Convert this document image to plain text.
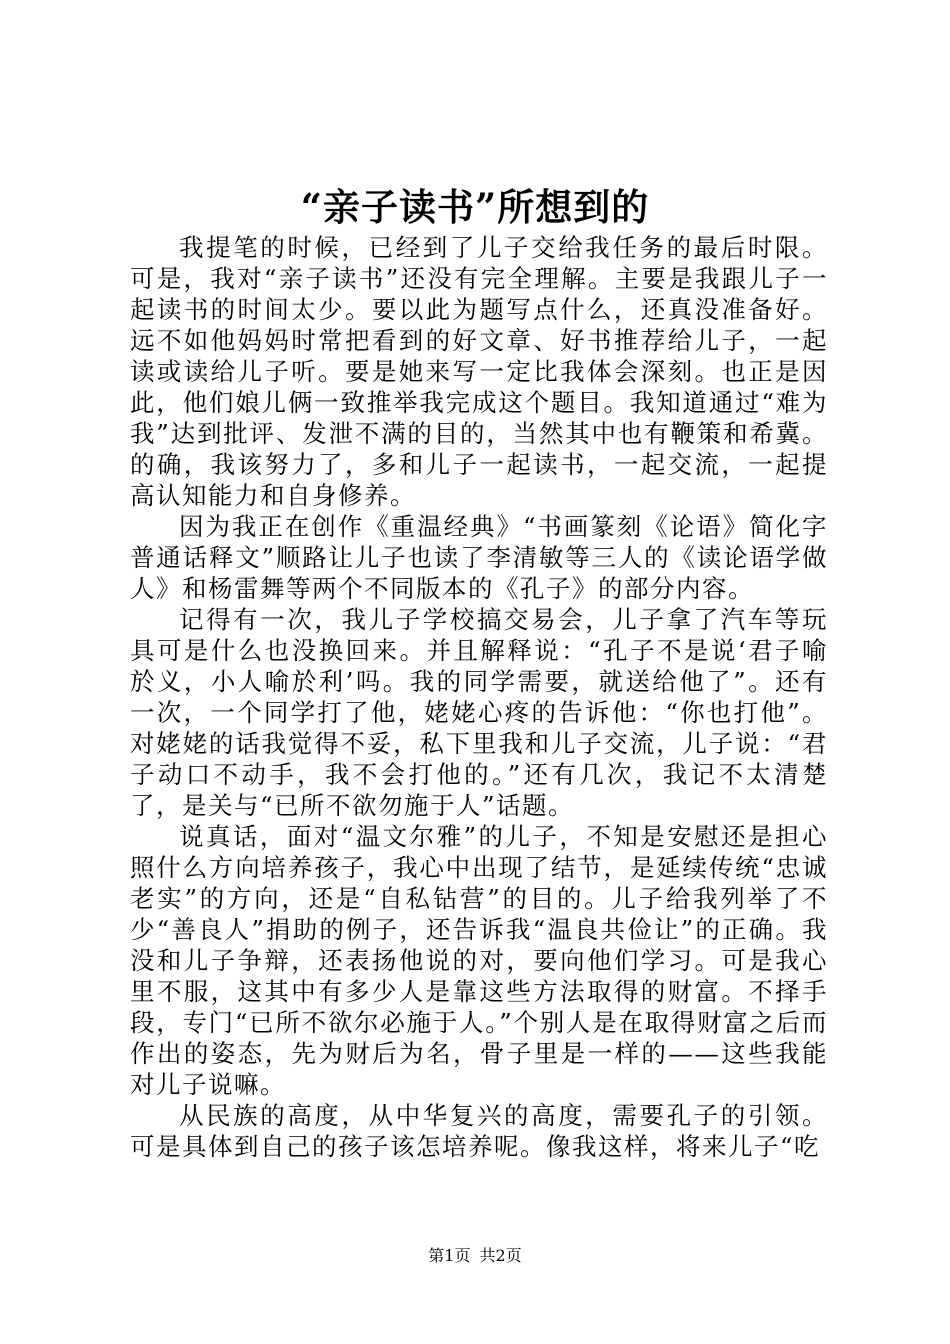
“亲子读书”所想到的

我提笔的时候，已经到了儿子交给我任务的最后时限。可是，我对“亲子读书”还没有完全理解。主要是我跟儿子一起读书的时间太少。要以此为题写点什么，还真没准备好。远不如他妈妈时常把看到的好文章、好书推荐给儿子，一起读或读给儿子听。要是她来写一定比我体会深刻。也正是因此，他们娘儿俩一致推举我完成这个题目。我知道通过“难为我”达到批评、发泄不满的目的，当然其中也有鞭策和希冀。的确，我该努力了，多和儿子一起读书，一起交流，一起提高认知能力和自身修养。

因为我正在创作《重温经典》“书画篆刻《论语》简化字普通话释文”顺路让儿子也读了李清敏等三人的《读论语学做人》和杨雷舞等两个不同版本的《孔子》的部分内容。

记得有一次，我儿子学校搞交易会，儿子拿了汽车等玩具可是什么也没换回来。并且解释说：“孔子不是说‘君子喻於义，小人喻於利’吗。我的同学需要，就送给他了”。还有一次，一个同学打了他，姥姥心疼的告诉他：“你也打他”。对姥姥的话我觉得不妥，私下里我和儿子交流，儿子说：“君子动口不动手，我不会打他的。”还有几次，我记不太清楚了，是关与“已所不欲勿施于人”话题。

说真话，面对“温文尔雅”的儿子，不知是安慰还是担心照什么方向培养孩子，我心中出现了结节，是延续传统“忠诚老实”的方向，还是“自私钻营”的目的。儿子给我列举了不少“善良人”捐助的例子，还告诉我“温良共俭让”的正确。我没和儿子争辩，还表扬他说的对，要向他们学习。可是我心里不服，这其中有多少人是靠这些方法取得的财富。不择手段，专门“已所不欲尔必施于人。”个别人是在取得财富之后而作出的姿态，先为财后为名，骨子里是一样的——这些我能对儿子说嘛。

从民族的高度，从中华复兴的高度，需要孔子的引领。可是具体到自己的孩子该怎培养呢。像我这样，将来儿子“吃

第1页 共2页
